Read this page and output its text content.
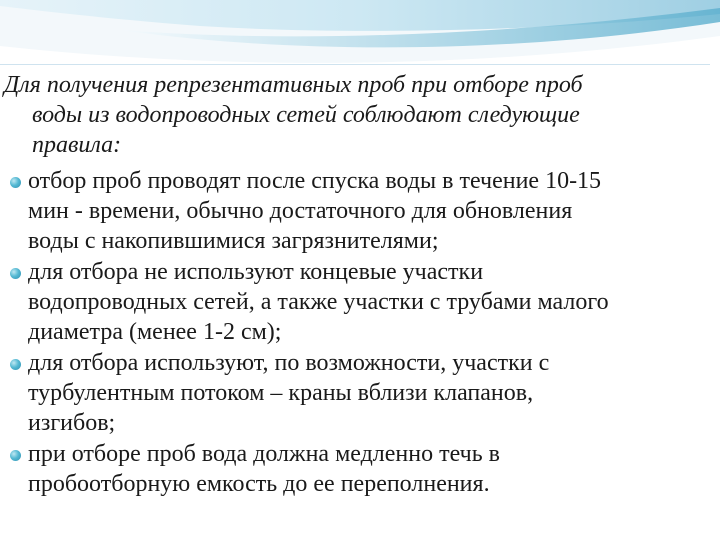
Для получения репрезентативных проб при отборе проб
воды из водопроводных сетей соблюдают следующие
правила:

отбор проб проводят после спуска воды в течение 10-15
мин - времени, обычно достаточного для обновления
воды с накопившимися загрязнителями;
для отбора не используют концевые участки
водопроводных сетей, а также участки с трубами малого
диаметра (менее 1-2 см);
для отбора используют, по возможности, участки с
турбулентным потоком – краны вблизи клапанов,
изгибов;
при отборе проб вода должна медленно течь в
пробоотборную емкость до ее переполнения.
